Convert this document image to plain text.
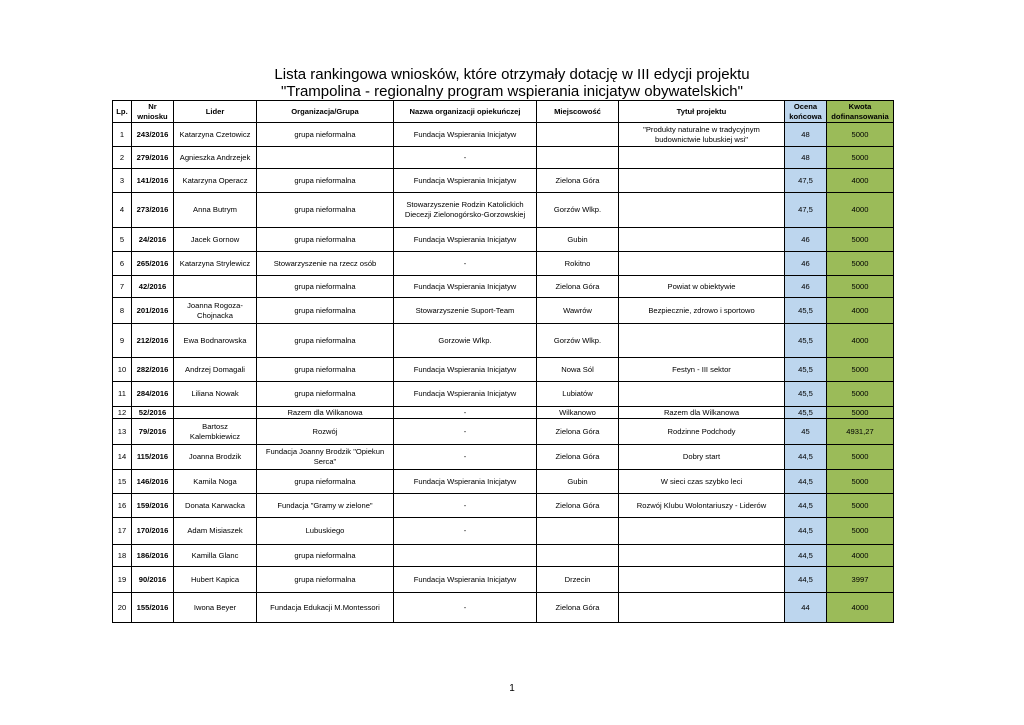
Lista rankingowa wniosków, które otrzymały dotację w III edycji projektu
"Trampolina - regionalny program wspierania inicjatyw obywatelskich"
Lp.	Nr wniosku	Lider	Organizacja/Grupa	Nazwa organizacji opiekuńczej	Miejscowość	Tytuł projektu	Ocena końcowa	Kwota dofinansowania
1	243/2016	Katarzyna Czetowicz	grupa nieformalna	Fundacja Wspierania Inicjatyw		"Produkty naturalne w tradycyjnym budownictwie lubuskiej wsi"	48	5000
2	279/2016	Agnieszka Andrzejek		-			48	5000
3	141/2016	Katarzyna Operacz	grupa nieformalna	Fundacja Wspierania Inicjatyw	Zielona Góra		47,5	4000
4	273/2016	Anna Butrym	grupa nieformalna	Stowarzyszenie Rodzin Katolickich Diecezji Zielonogórsko-Gorzowskiej	Gorzów Wlkp.		47,5	4000
5	24/2016	Jacek Gornow	grupa nieformalna	Fundacja Wspierania Inicjatyw	Gubin		46	5000
6	265/2016	Katarzyna Strylewicz	Stowarzyszenie na rzecz osób	-	Rokitno		46	5000
7	42/2016		grupa nieformalna	Fundacja Wspierania Inicjatyw	Zielona Góra	Powiat w obiektywie	46	5000
8	201/2016	Joanna Rogoza-Chojnacka	grupa nieformalna	Stowarzyszenie Suport-Team	Wawrów	Bezpiecznie, zdrowo i sportowo	45,5	4000
9	212/2016	Ewa Bodnarowska	grupa nieformalna	Gorzowie Wlkp.	Gorzów Wlkp.		45,5	4000
10	282/2016	Andrzej Domagali	grupa nieformalna	Fundacja Wspierania Inicjatyw	Nowa Sól	Festyn - III sektor	45,5	5000
11	284/2016	Liliana Nowak	grupa nieformalna	Fundacja Wspierania Inicjatyw	Lubiatów		45,5	5000
12	52/2016		Razem dla Wilkanowa	-	Wilkanowo	Razem dla Wilkanowa	45,5	5000
13	79/2016	Bartosz Kalembkiewicz	Rozwój	-	Zielona Góra	Rodzinne Podchody	45	4931,27
14	115/2016	Joanna Brodzik	Fundacja Joanny Brodzik "Opiekun Serca"	-	Zielona Góra	Dobry start	44,5	5000
15	146/2016	Kamila Noga	grupa nieformalna	Fundacja Wspierania Inicjatyw	Gubin	W sieci czas szybko leci	44,5	5000
16	159/2016	Donata Karwacka	Fundacja "Gramy w zielone"	-	Zielona Góra	Rozwój Klubu Wolontariuszy - Liderów	44,5	5000
17	170/2016	Adam Misiaszek	Lubuskiego	-			44,5	5000
18	186/2016	Kamilla Glanc	grupa nieformalna				44,5	4000
19	90/2016	Hubert Kapica	grupa nieformalna	Fundacja Wspierania Inicjatyw	Drzecin		44,5	3997
20	155/2016	Iwona Beyer	Fundacja Edukacji M.Montessori	-	Zielona Góra		44	4000
1
